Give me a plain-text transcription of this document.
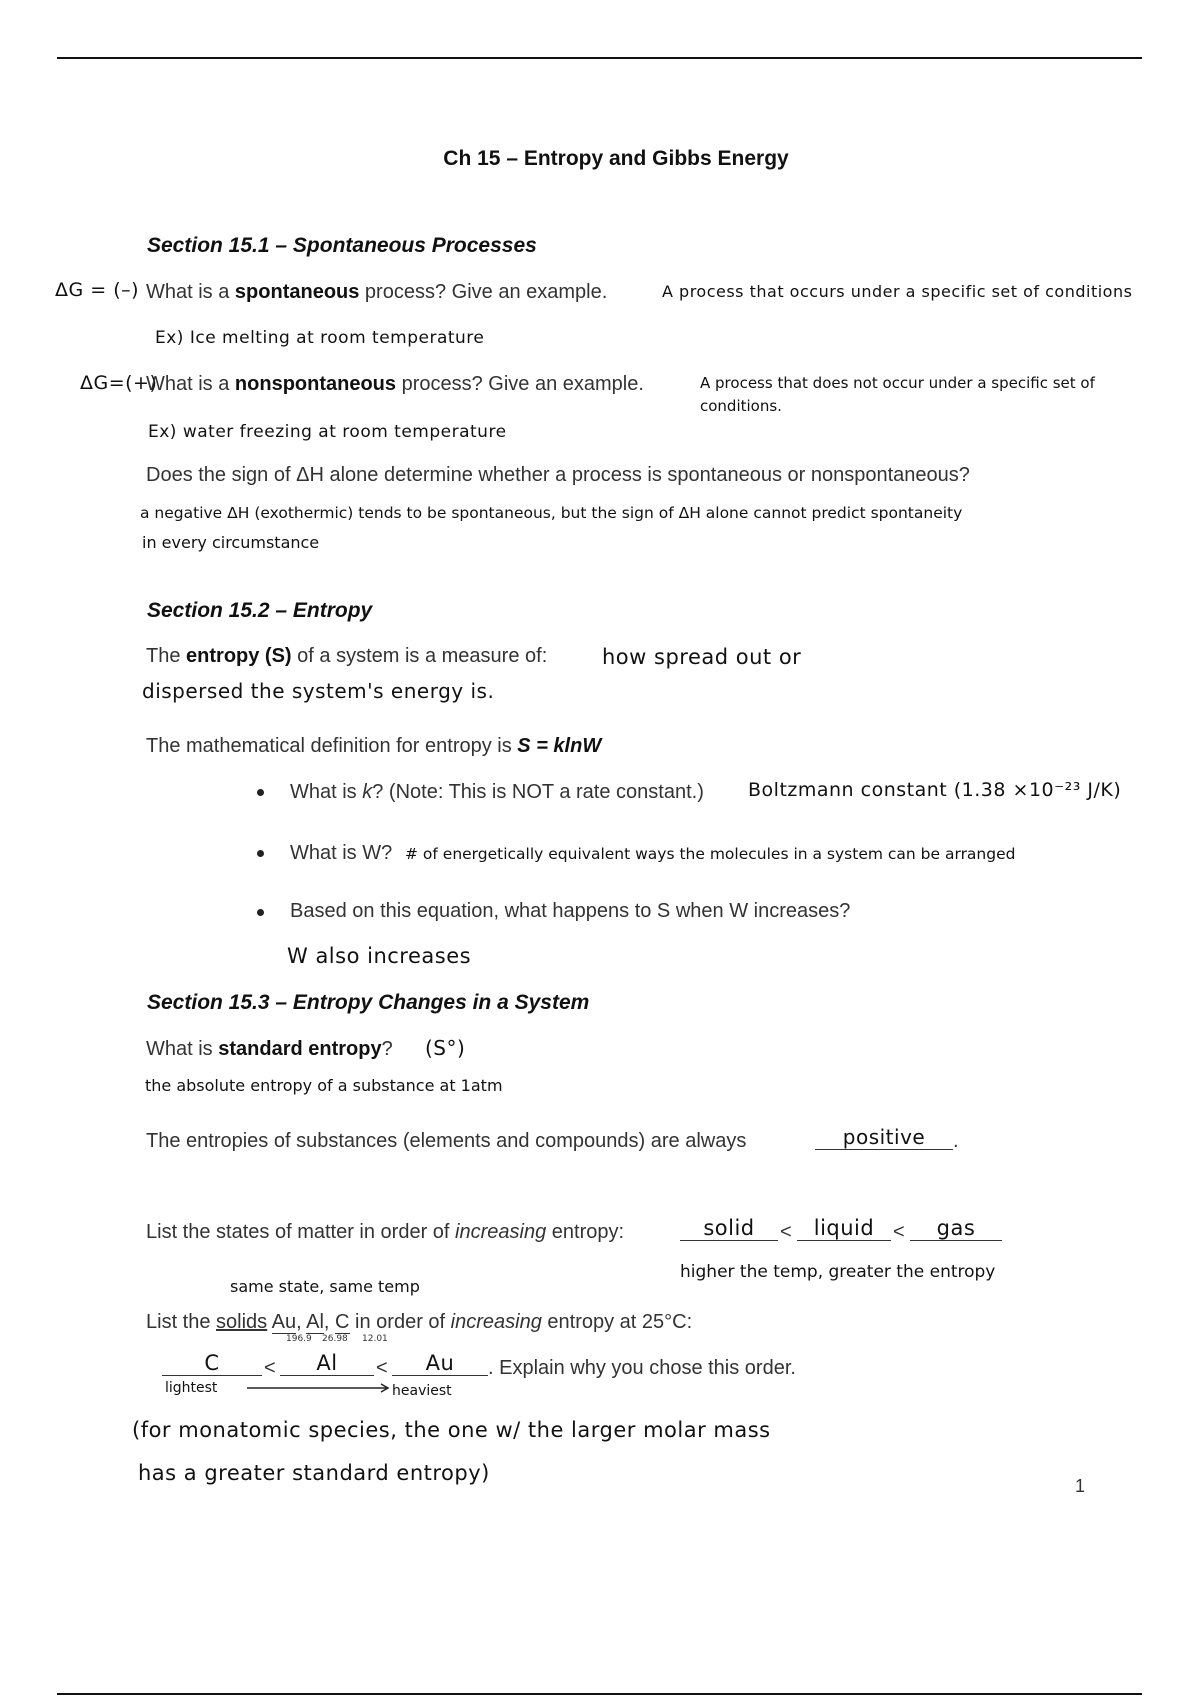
Ch 15 – Entropy and Gibbs Energy
Section 15.1 – Spontaneous Processes
ΔG = (–) What is a spontaneous process? Give an example.	A process that occurs under a specific set of conditions
Ex) Ice melting at room temperature
ΔG=(+)
What is a nonspontaneous process? Give an example.	A process that does not occur under a specific set of
conditions.
Ex) water freezing at room temperature
Does the sign of ΔH alone determine whether a process is spontaneous or nonspontaneous?
a negative ΔH (exothermic) tends to be spontaneous, but the sign of ΔH alone cannot predict spontaneity
in every circumstance
Section 15.2 – Entropy
The entropy (S) of a system is a measure of:	how spread out or
dispersed the system's energy is.
The mathematical definition for entropy is S = klnW
What is k? (Note: This is NOT a rate constant.) Boltzmann constant (1.38 ×10⁻²³ J/K)
What is W? # of energetically equivalent ways the molecules in a system can be arranged
Based on this equation, what happens to S when W increases?
W also increases
Section 15.3 – Entropy Changes in a System
What is standard entropy? (S°)
the absolute entropy of a substance at 1atm
The entropies of substances (elements and compounds) are always	positive	.
List the states of matter in order of increasing entropy:	solid	<	liquid <	gas
higher the temp, greater the entropy
same state, same temp
List the solids Au, Al, C in order of increasing entropy at 25°C:
196.9 26.98 12.01
C	<	Al	<	Au	. Explain why you chose this order.
lightest	heaviest
(for monatomic species, the one w/ the larger molar mass
has a greater standard entropy)
1
